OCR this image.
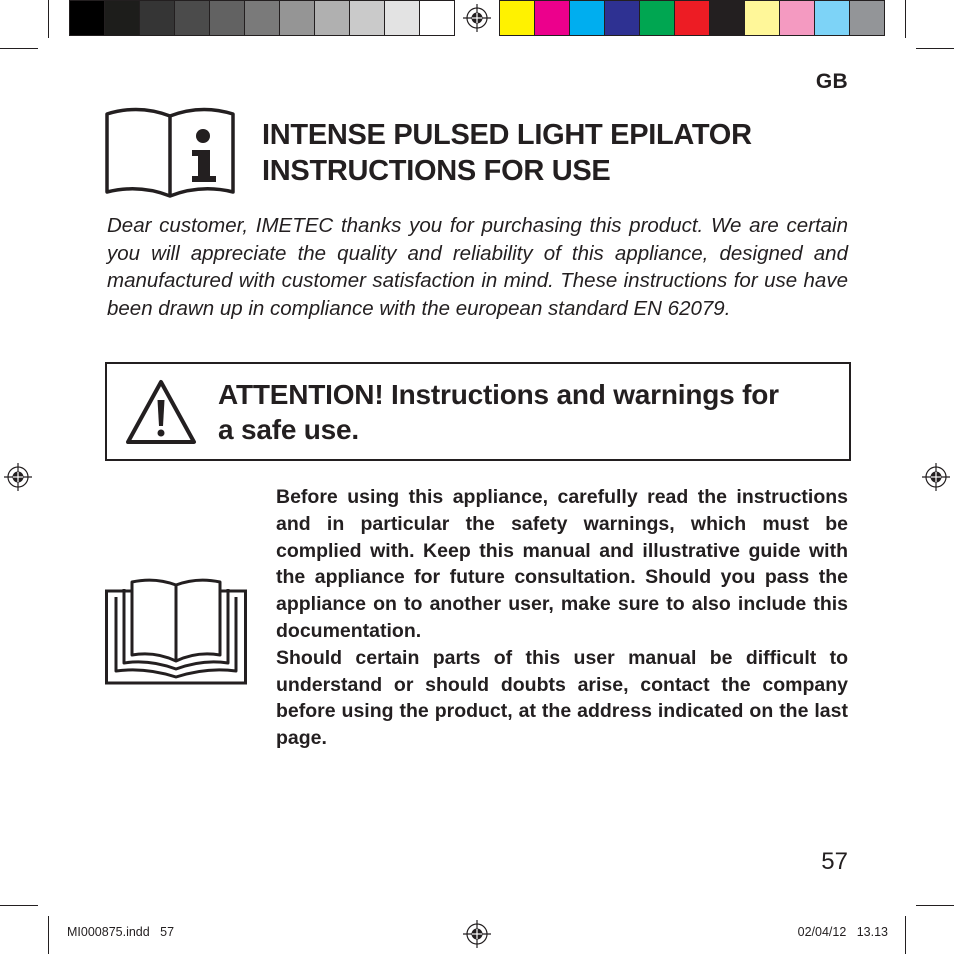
GB
INTENSE PULSED LIGHT EPILATOR
INSTRUCTIONS FOR USE
Dear customer, IMETEC thanks you for purchasing this product. We are certain you will appreciate the quality and reliability of this appliance, designed and manufactured with customer satisfaction in mind. These instructions for use have been drawn up in compliance with the european standard EN 62079.
ATTENTION! Instructions and warnings for
a safe use.

Before using this appliance, carefully read the instructions and in particular the safety warnings, which must be complied with. Keep this manual and illustrative guide with the appliance for future consultation. Should you pass the appliance on to another user, make sure to also include this documentation.

Should certain parts of this user manual be difficult to understand or should doubts arise, contact the company before using the product, at the address indicated on the last page.

57
MI000875.indd   57	02/04/12   13.13
